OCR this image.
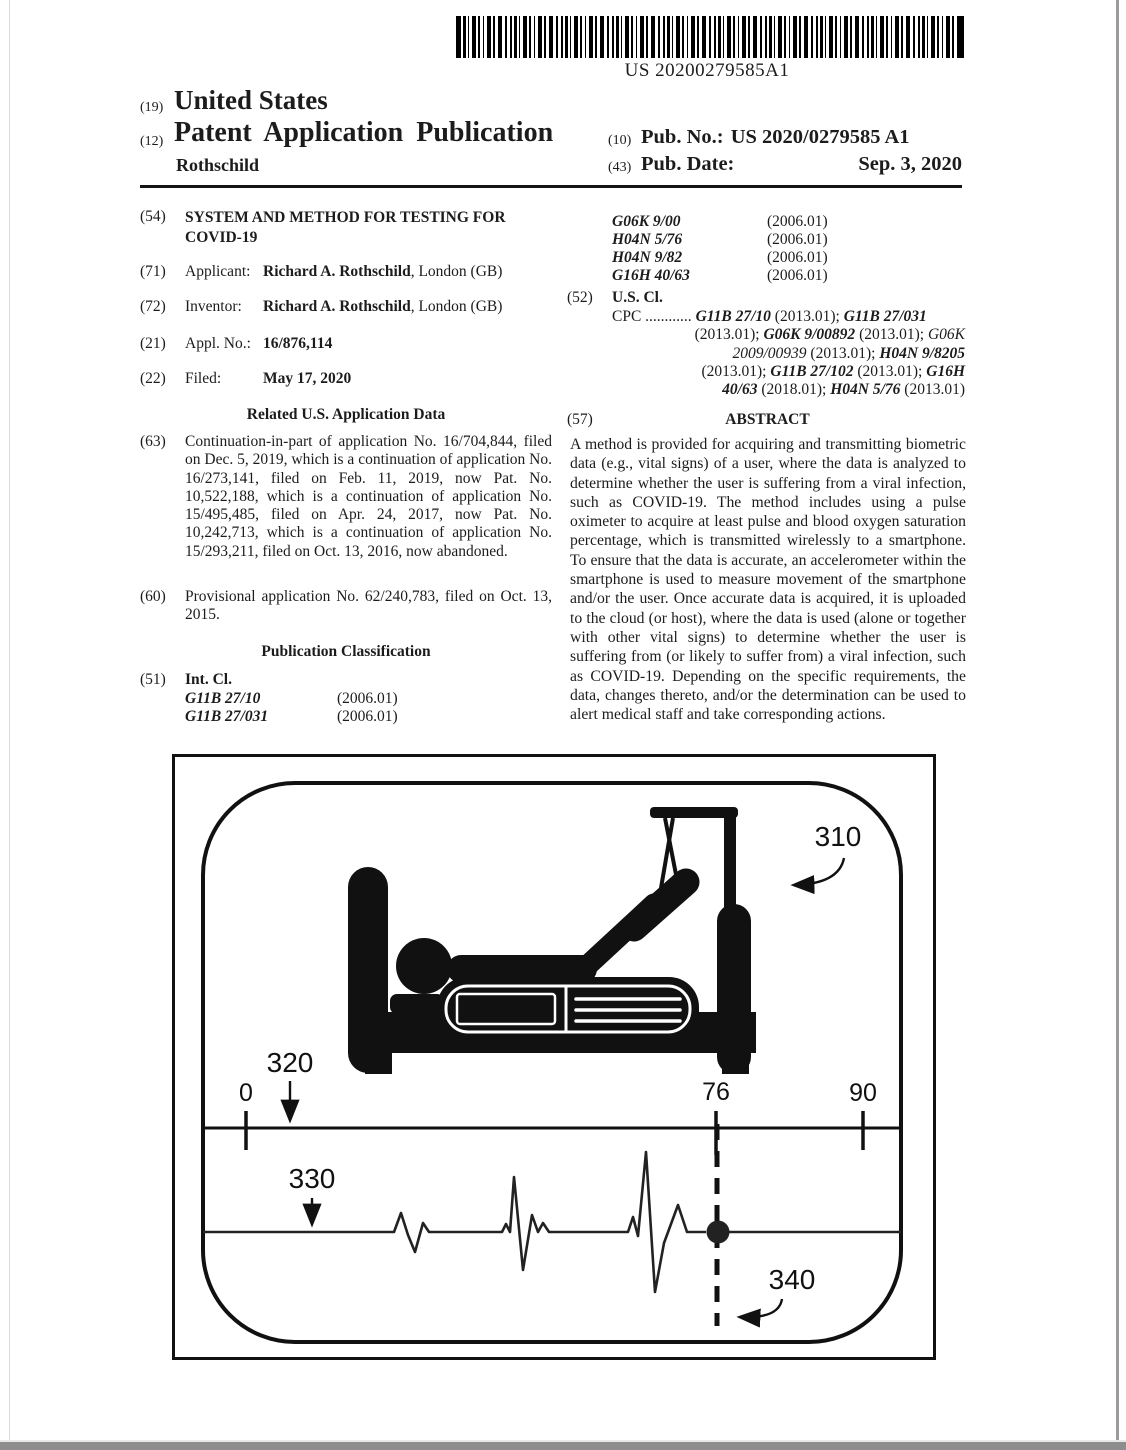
US 20200279585A1
(19) United States
(12) Patent Application Publication
Rothschild
(10) Pub. No.: US 2020/0279585 A1
(43) Pub. Date:	Sep. 3, 2020
(54) SYSTEM AND METHOD FOR TESTING FOR
COVID-19
(71) Applicant: Richard A. Rothschild, London (GB)
(72) Inventor: Richard A. Rothschild, London (GB)
(21) Appl. No.: 16/876,114
(22) Filed:	May 17, 2020
Related U.S. Application Data
(63) Continuation-in-part of application No. 16/704,844, filed on Dec. 5, 2019, which is a continuation of application No. 16/273,141, filed on Feb. 11, 2019, now Pat. No. 10,522,188, which is a continuation of application No. 15/495,485, filed on Apr. 24, 2017, now Pat. No. 10,242,713, which is a continuation of application No. 15/293,211, filed on Oct. 13, 2016, now abandoned.
(60) Provisional application No. 62/240,783, filed on Oct. 13, 2015.
Publication Classification
(51) Int. Cl.
G11B 27/10	(2006.01)
G11B 27/031	(2006.01)
G06K 9/00	(2006.01)
H04N 5/76	(2006.01)
H04N 9/82	(2006.01)
G16H 40/63	(2006.01)
(52) U.S. Cl.
CPC ............ G11B 27/10 (2013.01); G11B 27/031
(2013.01); G06K 9/00892 (2013.01); G06K
2009/00939 (2013.01); H04N 9/8205
(2013.01); G11B 27/102 (2013.01); G16H
40/63 (2018.01); H04N 5/76 (2013.01)
(57)	ABSTRACT
A method is provided for acquiring and transmitting biometric data (e.g., vital signs) of a user, where the data is analyzed to determine whether the user is suffering from a viral infection, such as COVID-19. The method includes using a pulse oximeter to acquire at least pulse and blood oxygen saturation percentage, which is transmitted wirelessly to a smartphone. To ensure that the data is accurate, an accelerometer within the smartphone is used to measure movement of the smartphone and/or the user. Once accurate data is acquired, it is uploaded to the cloud (or host), where the data is used (alone or together with other vital signs) to determine whether the user is suffering from (or likely to suffer from) a viral infection, such as COVID-19. Depending on the specific requirements, the data, changes thereto, and/or the determination can be used to alert medical staff and take corresponding actions.
310
0	76	90
320
330
340
